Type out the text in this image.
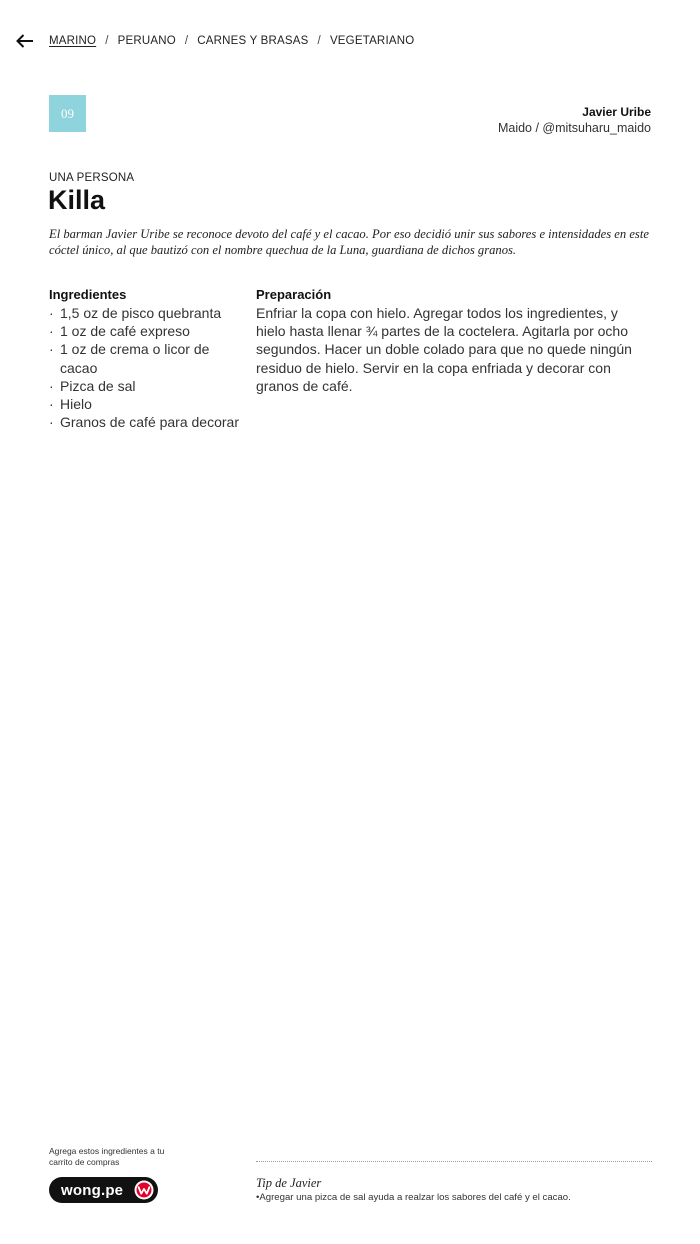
MARINO / PERUANO / CARNES Y BRASAS / VEGETARIANO
09	Javier Uribe
Maido / @mitsuharu_maido
UNA PERSONA
Killa
El barman Javier Uribe se reconoce devoto del café y el cacao. Por eso decidió unir sus sabores e intensidades en este cóctel único, al que bautizó con el nombre quechua de la Luna, guardiana de dichos granos.
Ingredientes
· 1,5 oz de pisco quebranta
· 1 oz de café expreso
· 1 oz de crema o licor de cacao
· Pizca de sal
· Hielo
· Granos de café para decorar
Preparación

Enfriar la copa con hielo. Agregar todos los ingredientes, y hielo hasta llenar ¾ partes de la coctelera. Agitarla por ocho segundos. Hacer un doble colado para que no quede ningún residuo de hielo. Servir en la copa enfriada y decorar con granos de café.

Agrega estos ingredientes a tu carrito de compras
wong.pe	Tip de Javier
•Agregar una pizca de sal ayuda a realzar los sabores del café y el cacao.
